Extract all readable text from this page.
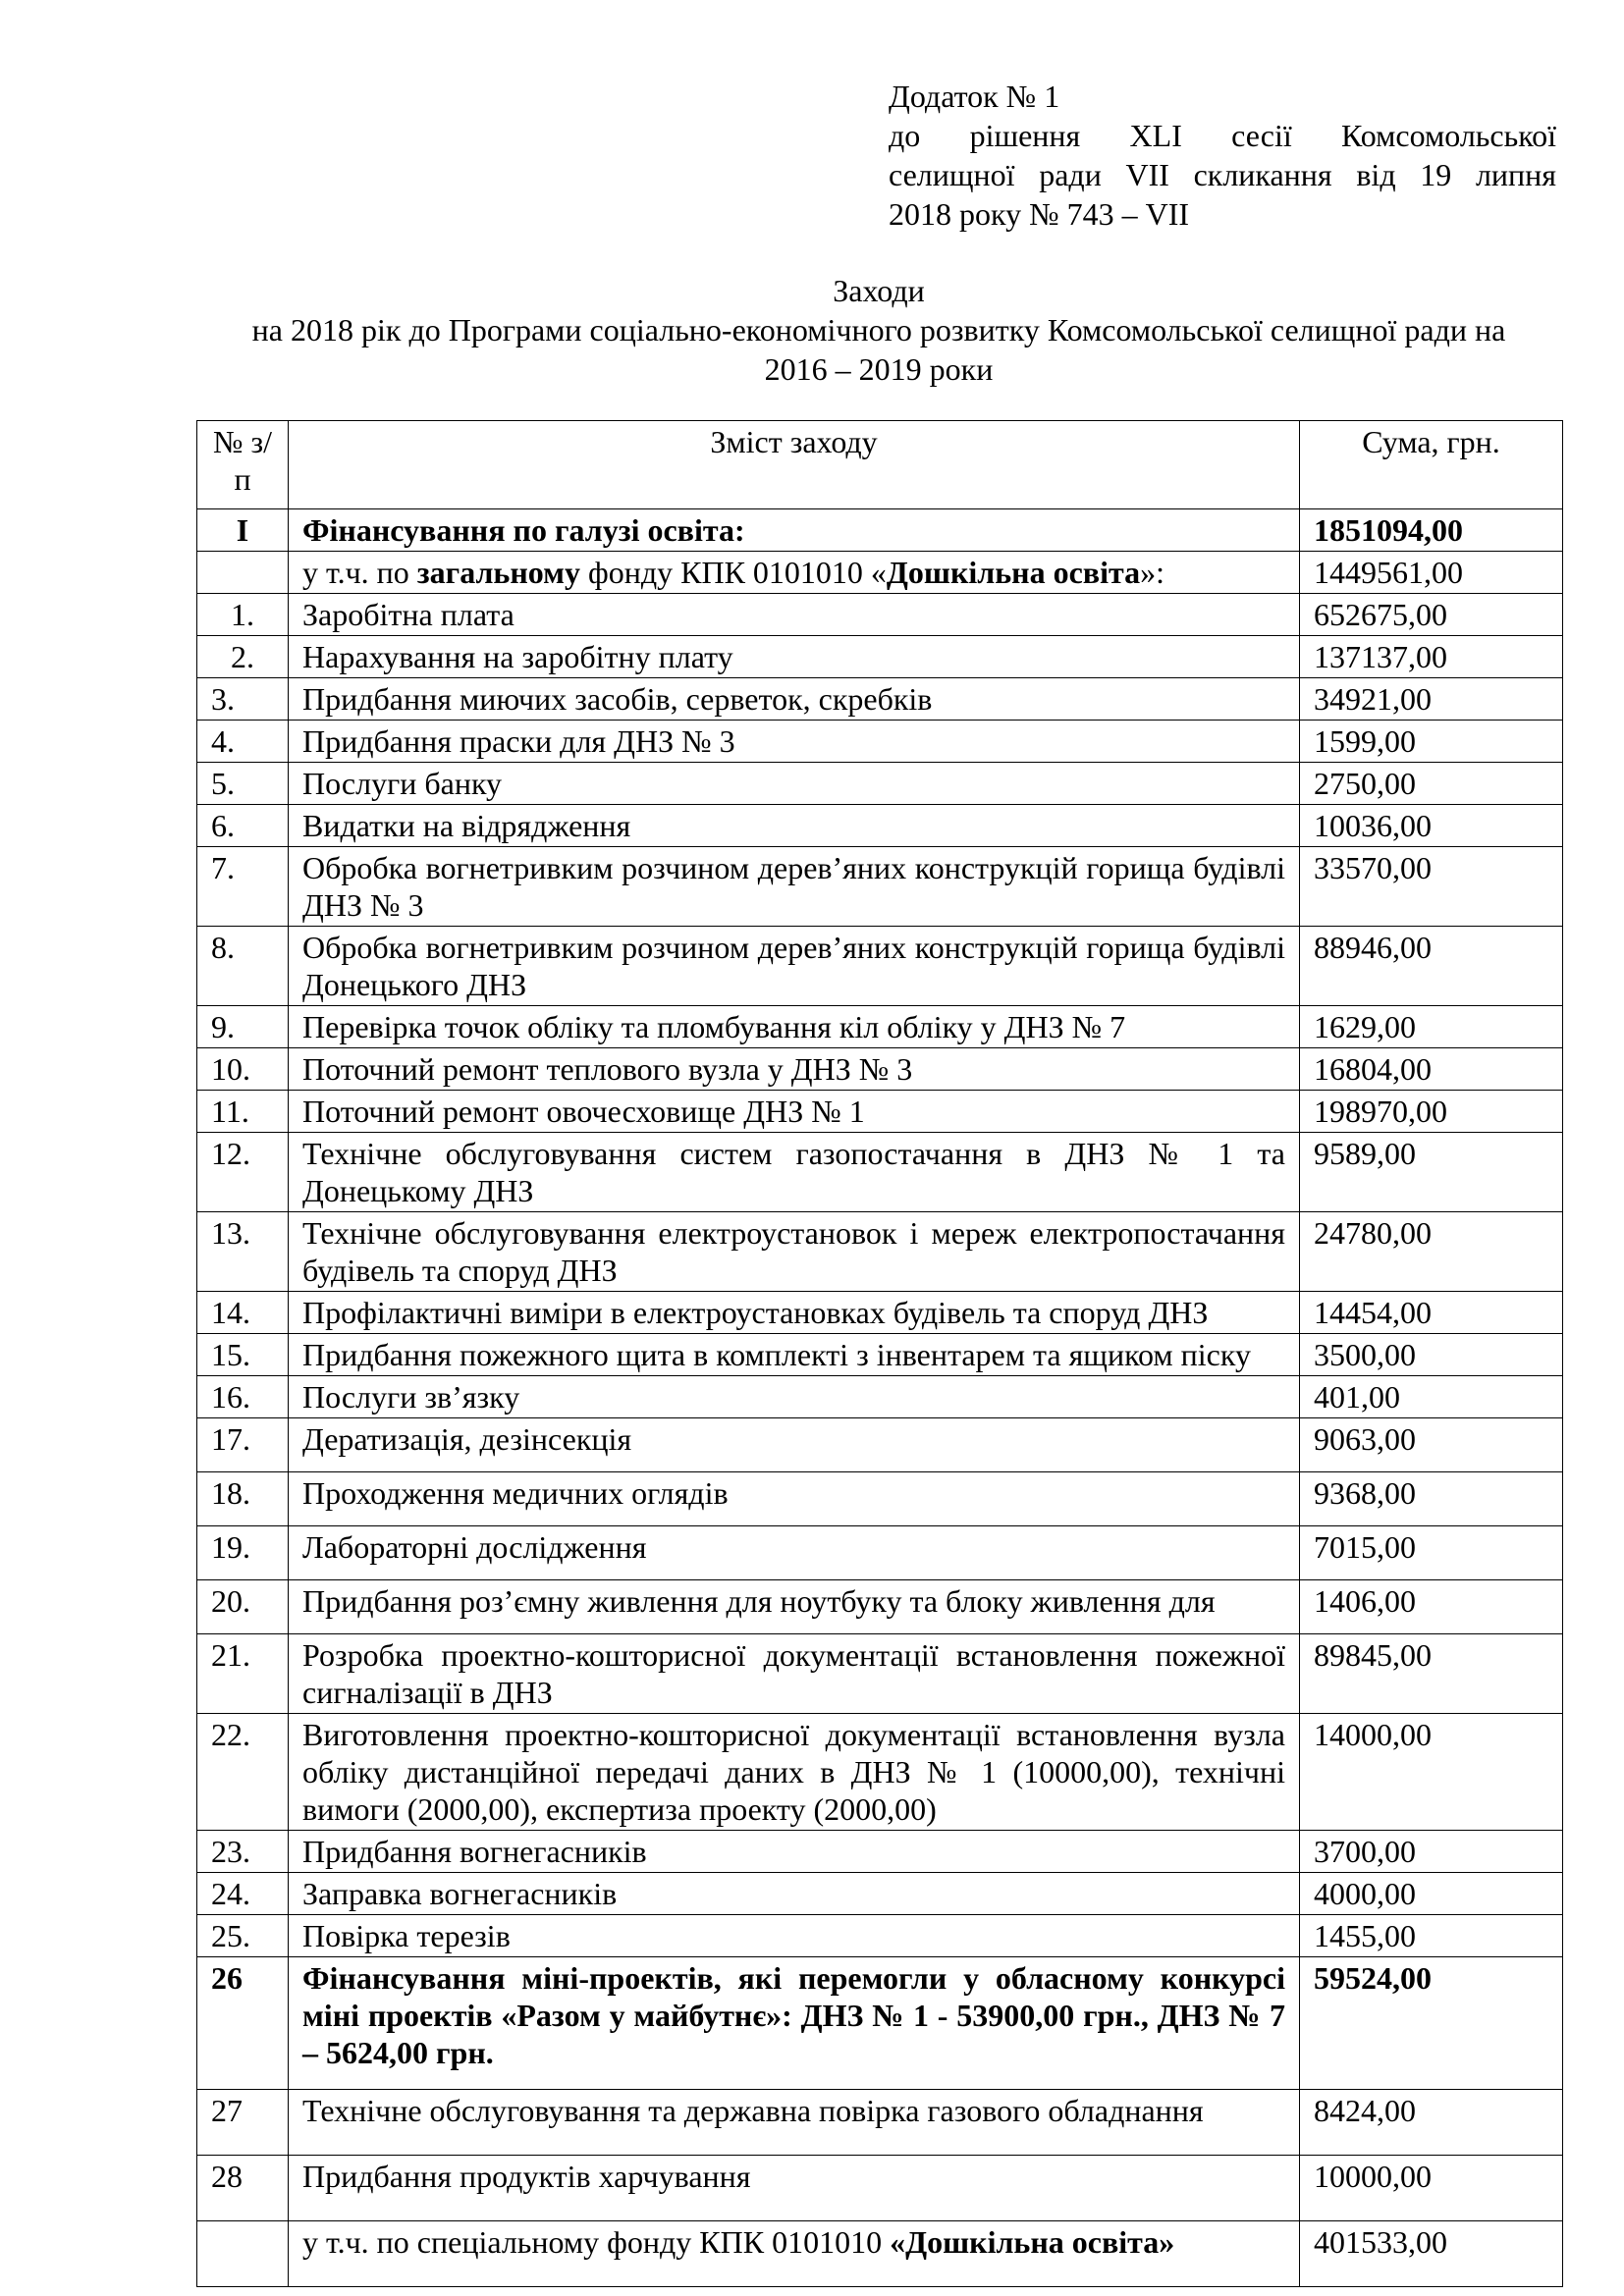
Додаток № 1
до рішення XLI сесії Комсомольської
селищної ради VII скликання від 19 липня
2018 року № 743 – VII
Заходи
на 2018 рік до Програми соціально-економічного розвитку Комсомольської селищної ради на
2016 – 2019 роки
№ з/п	Зміст заходу	Сума, грн.
I	Фінансування по галузі освіта:	1851094,00
	у т.ч. по загальному фонду КПК 0101010 «Дошкільна освіта»:	1449561,00
1.	Заробітна плата	652675,00
2.	Нарахування на заробітну плату	137137,00
3.	Придбання миючих засобів, серветок, скребків	34921,00
4.	Придбання праски для ДНЗ № 3	1599,00
5.	Послуги банку	2750,00
6.	Видатки на відрядження	10036,00
7.	Обробка вогнетривким розчином дерев’яних конструкцій горища будівлі ДНЗ № 3	33570,00
8.	Обробка вогнетривким розчином дерев’яних конструкцій горища будівлі Донецького ДНЗ	88946,00
9.	Перевірка точок обліку та пломбування кіл обліку у ДНЗ № 7	1629,00
10.	Поточний ремонт теплового вузла у ДНЗ № 3	16804,00
11.	Поточний ремонт овочесховище ДНЗ № 1	198970,00
12.	Технічне обслуговування систем газопостачання в ДНЗ № 1 та Донецькому ДНЗ	9589,00
13.	Технічне обслуговування електроустановок і мереж електропостачання будівель та споруд ДНЗ	24780,00
14.	Профілактичні виміри в електроустановках будівель та споруд ДНЗ	14454,00
15.	Придбання пожежного щита в комплекті з інвентарем та ящиком піску	3500,00
16.	Послуги зв’язку	401,00
17.	Дератизація, дезінсекція	9063,00
18.	Проходження медичних оглядів	9368,00
19.	Лабораторні дослідження	7015,00
20.	Придбання роз’ємну живлення для ноутбуку та блоку живлення для	1406,00
21.	Розробка проектно-кошторисної документації встановлення пожежної сигналізації в ДНЗ	89845,00
22.	Виготовлення проектно-кошторисної документації встановлення вузла обліку дистанційної передачі даних в ДНЗ № 1 (10000,00), технічні вимоги (2000,00), експертиза проекту (2000,00)	14000,00
23.	Придбання вогнегасників	3700,00
24.	Заправка вогнегасників	4000,00
25.	Повірка терезів	1455,00
26	Фінансування міні-проектів, які перемогли у обласному конкурсі міні проектів «Разом у майбутнє»: ДНЗ № 1 - 53900,00 грн., ДНЗ № 7 – 5624,00 грн.	59524,00
27	Технічне обслуговування та державна повірка газового обладнання	8424,00
28	Придбання продуктів харчування	10000,00
	у т.ч. по спеціальному фонду КПК 0101010 «Дошкільна освіта»	401533,00
